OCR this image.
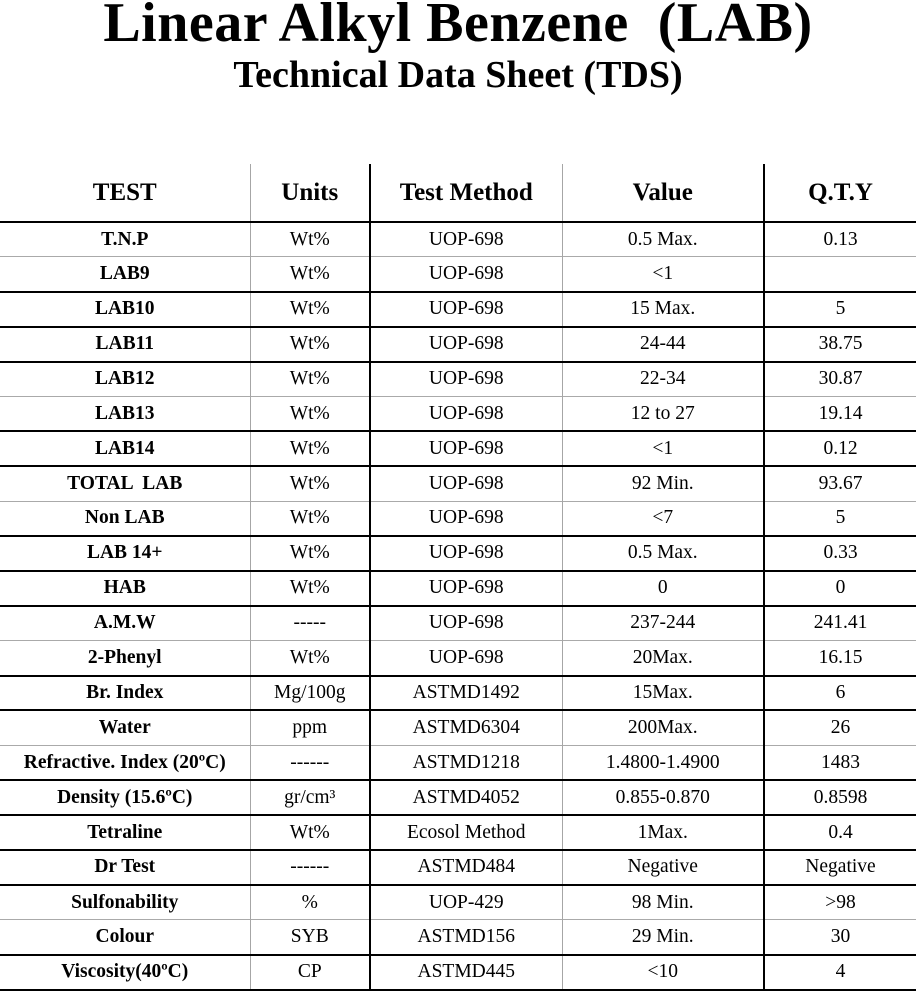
Linear Alkyl Benzene  (LAB)
Technical Data Sheet (TDS)
TEST	Units	Test Method	Value	Q.T.Y
T.N.P	Wt%	UOP-698	0.5 Max.	0.13
LAB9	Wt%	UOP-698	<1	
LAB10	Wt%	UOP-698	15 Max.	5
LAB11	Wt%	UOP-698	24-44	38.75
LAB12	Wt%	UOP-698	22-34	30.87
LAB13	Wt%	UOP-698	12 to 27	19.14
LAB14	Wt%	UOP-698	<1	0.12
TOTAL  LAB	Wt%	UOP-698	92 Min.	93.67
Non LAB	Wt%	UOP-698	<7	5
LAB 14+	Wt%	UOP-698	0.5 Max.	0.33
HAB	Wt%	UOP-698	0	0
A.M.W	-----	UOP-698	237-244	241.41
2-Phenyl	Wt%	UOP-698	20Max.	16.15
Br. Index	Mg/100g	ASTMD1492	15Max.	6
Water	ppm	ASTMD6304	200Max.	26
Refractive. Index (20ºC)	------	ASTMD1218	1.4800-1.4900	1483
Density (15.6ºC)	gr/cm³	ASTMD4052	0.855-0.870	0.8598
Tetraline	Wt%	Ecosol Method	1Max.	0.4
Dr Test	------	ASTMD484	Negative	Negative
Sulfonability	%	UOP-429	98 Min.	>98
Colour	SYB	ASTMD156	29 Min.	30
Viscosity(40ºC)	CP	ASTMD445	<10	4
